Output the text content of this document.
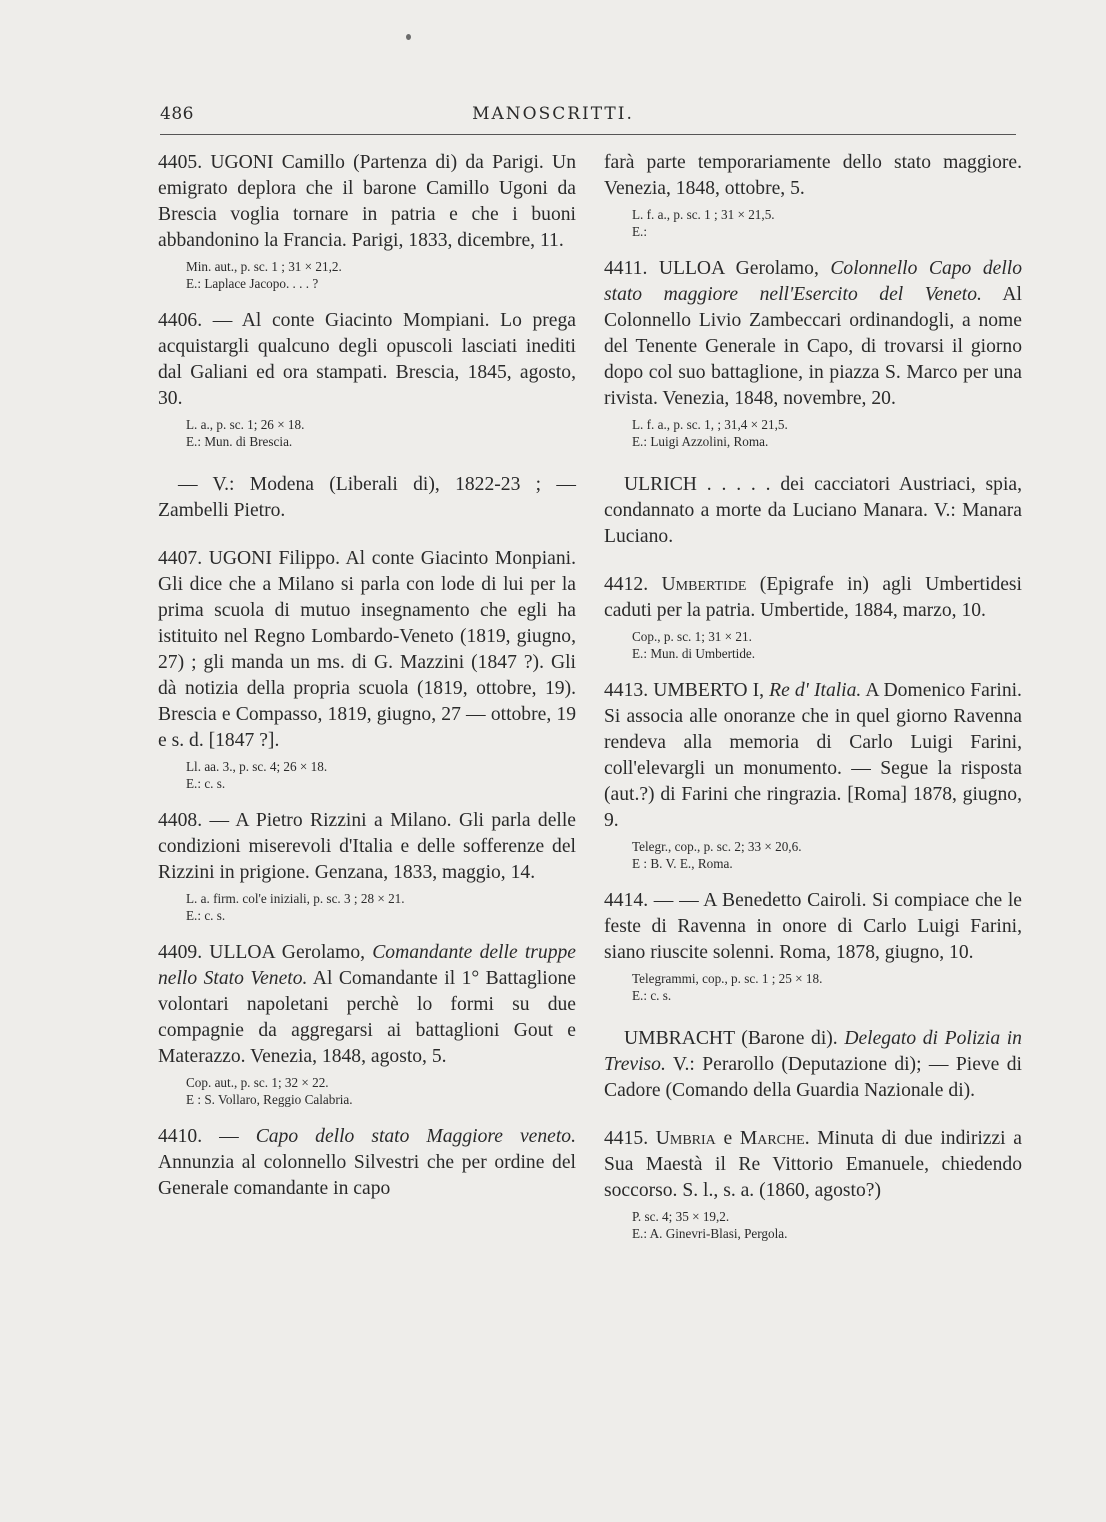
486	MANOSCRITTI.

4405. UGONI Camillo (Partenza di) da Parigi. Un emigrato deplora che il barone Camillo Ugoni da Brescia voglia tornare in patria e che i buoni abbandonino la Francia. Parigi, 1833, dicembre, 11.

Min. aut., p. sc. 1 ; 31 × 21,2.
E.: Laplace Jacopo. . . . ?

4406. — Al conte Giacinto Mompiani. Lo prega acquistargli qualcuno degli opuscoli lasciati inediti dal Galiani ed ora stampati. Brescia, 1845, agosto, 30.

L. a., p. sc. 1; 26 × 18.
E.: Mun. di Brescia.

— V.: Modena (Liberali di), 1822-23 ; — Zambelli Pietro.

4407. UGONI Filippo. Al conte Giacinto Monpiani. Gli dice che a Milano si parla con lode di lui per la prima scuola di mutuo insegnamento che egli ha istituito nel Regno Lombardo-Veneto (1819, giugno, 27) ; gli manda un ms. di G. Mazzini (1847 ?). Gli dà notizia della propria scuola (1819, ottobre, 19). Brescia e Compasso, 1819, giugno, 27 — ottobre, 19 e s. d. [1847 ?].

Ll. aa. 3., p. sc. 4; 26 × 18.
E.: c. s.

4408. — A Pietro Rizzini a Milano. Gli parla delle condizioni miserevoli d'Italia e delle sofferenze del Rizzini in prigione. Genzana, 1833, maggio, 14.

L. a. firm. col'e iniziali, p. sc. 3 ; 28 × 21.
E.: c. s.

4409. ULLOA Gerolamo, Comandante delle truppe nello Stato Veneto. Al Comandante il 1° Battaglione volontari napoletani perchè lo formi su due compagnie da aggregarsi ai battaglioni Gout e Materazzo. Venezia, 1848, agosto, 5.

Cop. aut., p. sc. 1; 32 × 22.
E : S. Vollaro, Reggio Calabria.

4410. — Capo dello stato Maggiore veneto. Annunzia al colonnello Silvestri che per ordine del Generale comandante in capo

farà parte temporariamente dello stato maggiore. Venezia, 1848, ottobre, 5.

L. f. a., p. sc. 1 ; 31 × 21,5.
E.:

4411. ULLOA Gerolamo, Colonnello Capo dello stato maggiore nell'Esercito del Veneto. Al Colonnello Livio Zambeccari ordinandogli, a nome del Tenente Generale in Capo, di trovarsi il giorno dopo col suo battaglione, in piazza S. Marco per una rivista. Venezia, 1848, novembre, 20.

L. f. a., p. sc. 1, ; 31,4 × 21,5.
E.: Luigi Azzolini, Roma.

ULRICH . . . . . dei cacciatori Austriaci, spia, condannato a morte da Luciano Manara. V.: Manara Luciano.

4412. Umbertide (Epigrafe in) agli Umbertidesi caduti per la patria. Umbertide, 1884, marzo, 10.

Cop., p. sc. 1; 31 × 21.
E.: Mun. di Umbertide.

4413. UMBERTO I, Re d' Italia. A Domenico Farini. Si associa alle onoranze che in quel giorno Ravenna rendeva alla memoria di Carlo Luigi Farini, coll'elevargli un monumento. — Segue la risposta (aut.?) di Farini che ringrazia. [Roma] 1878, giugno, 9.

Telegr., cop., p. sc. 2; 33 × 20,6.
E : B. V. E., Roma.

4414. — — A Benedetto Cairoli. Si compiace che le feste di Ravenna in onore di Carlo Luigi Farini, siano riuscite solenni. Roma, 1878, giugno, 10.

Telegrammi, cop., p. sc. 1 ; 25 × 18.
E.: c. s.

UMBRACHT (Barone di). Delegato di Polizia in Treviso. V.: Perarollo (Deputazione di); — Pieve di Cadore (Comando della Guardia Nazionale di).

4415. Umbria e Marche. Minuta di due indirizzi a Sua Maestà il Re Vittorio Emanuele, chiedendo soccorso. S. l., s. a. (1860, agosto?)

P. sc. 4; 35 × 19,2.
E.: A. Ginevri-Blasi, Pergola.
